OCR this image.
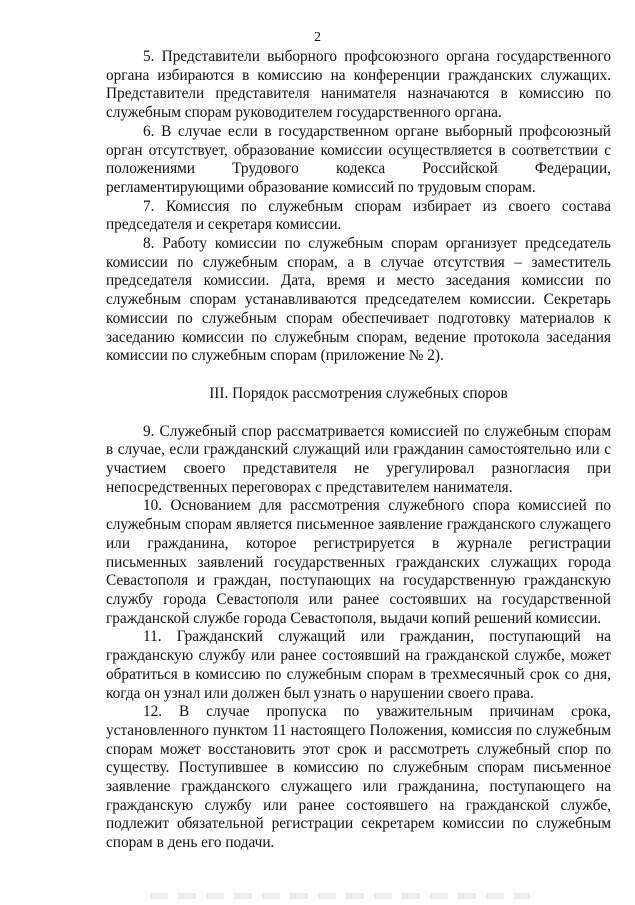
2

5. Представители выборного профсоюзного органа государственного органа избираются в комиссию на конференции гражданских служащих. Представители представителя нанимателя назначаются в комиссию по служебным спорам руководителем государственного органа.

6. В случае если в государственном органе выборный профсоюзный орган отсутствует, образование комиссии осуществляется в соответствии с положениями Трудового кодекса Российской Федерации, регламентирующими образование комиссий по трудовым спорам.

7. Комиссия по служебным спорам избирает из своего состава председателя и секретаря комиссии.

8. Работу комиссии по служебным спорам организует председатель комиссии по служебным спорам, а в случае отсутствия – заместитель председателя комиссии. Дата, время и место заседания комиссии по служебным спорам устанавливаются председателем комиссии. Секретарь комиссии по служебным спорам обеспечивает подготовку материалов к заседанию комиссии по служебным спорам, ведение протокола заседания комиссии по служебным спорам (приложение № 2).

III. Порядок рассмотрения служебных споров

9. Служебный спор рассматривается комиссией по служебным спорам в случае, если гражданский служащий или гражданин самостоятельно или с участием своего представителя не урегулировал разногласия при непосредственных переговорах с представителем нанимателя.

10. Основанием для рассмотрения служебного спора комиссией по служебным спорам является письменное заявление гражданского служащего или гражданина, которое регистрируется в журнале регистрации письменных заявлений государственных гражданских служащих города Севастополя и граждан, поступающих на государственную гражданскую службу города Севастополя или ранее состоявших на государственной гражданской службе города Севастополя, выдачи копий решений комиссии.

11. Гражданский служащий или гражданин, поступающий на гражданскую службу или ранее состоявший на гражданской службе, может обратиться в комиссию по служебным спорам в трехмесячный срок со дня, когда он узнал или должен был узнать о нарушении своего права.

12. В случае пропуска по уважительным причинам срока, установленного пунктом 11 настоящего Положения, комиссия по служебным спорам может восстановить этот срок и рассмотреть служебный спор по существу. Поступившее в комиссию по служебным спорам письменное заявление гражданского служащего или гражданина, поступающего на гражданскую службу или ранее состоявшего на гражданской службе, подлежит обязательной регистрации секретарем комиссии по служебным спорам в день его подачи.
